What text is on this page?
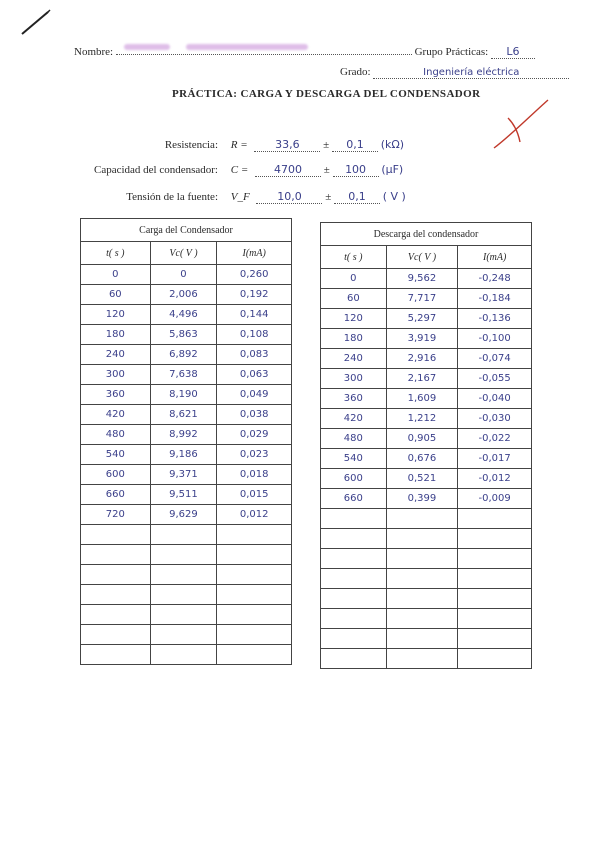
Nombre:	Grupo Prácticas: L6
Grado:	Ingeniería eléctrica
PRÁCTICA: CARGA Y DESCARGA DEL CONDENSADOR
Resistencia: R =	33,6 ± 0,1 (kΩ)
Capacidad del condensador: C = 4700 ± 100 (μF)
Tensión de la fuente: V_F	10,0 ± 0,1 ( V )
Carga del Condensador		
t( s )	Vc( V )	I(mA)
0	0	0,260
60	2,006	0,192
120	4,496	0,144
180	5,863	0,108
240	6,892	0,083
300	7,638	0,063
360	8,190	0,049
420	8,621	0,038
480	8,992	0,029
540	9,186	0,023
600	9,371	0,018
660	9,511	0,015
720	9,629	0,012

Descarga del condensador		
t( s )	Vc( V )	I(mA)
0	9,562	-0,248
60	7,717	-0,184
120	5,297	-0,136
180	3,919	-0,100
240	2,916	-0,074
300	2,167	-0,055
360	1,609	-0,040
420	1,212	-0,030
480	0,905	-0,022
540	0,676	-0,017
600	0,521	-0,012
660	0,399	-0,009
